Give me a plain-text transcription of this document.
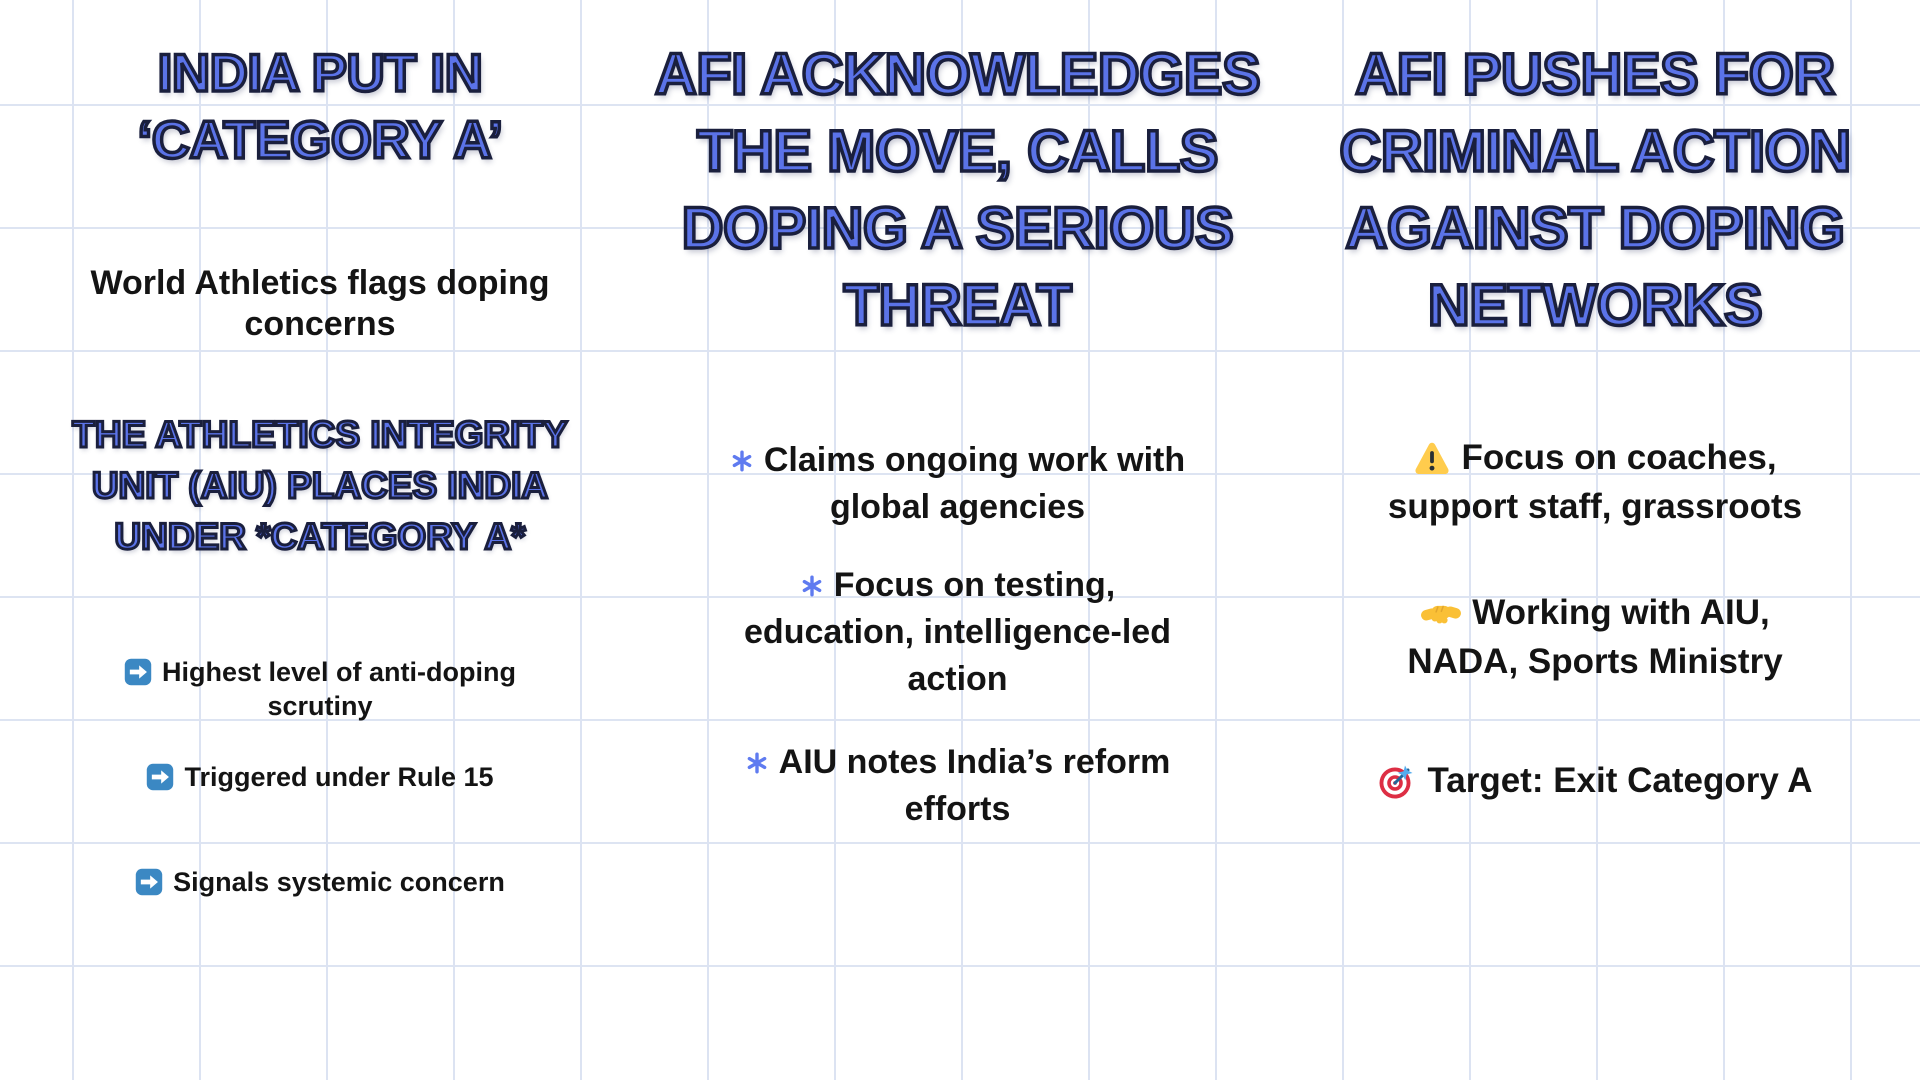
INDIA PUT IN
‘CATEGORY A’
World Athletics flags doping
concerns
THE ATHLETICS INTEGRITY
UNIT (AIU) PLACES INDIA
UNDER *CATEGORY A*
Highest level of anti-doping
scrutiny
Triggered under Rule 15
Signals systemic concern
AFI ACKNOWLEDGES
THE MOVE, CALLS
DOPING A SERIOUS
THREAT
Claims ongoing work with
global agencies
Focus on testing,
education, intelligence-led
action
AIU notes India’s reform
efforts
AFI PUSHES FOR
CRIMINAL ACTION
AGAINST DOPING
NETWORKS
Focus on coaches,
support staff, grassroots
Working with AIU,
NADA, Sports Ministry
Target: Exit Category A
